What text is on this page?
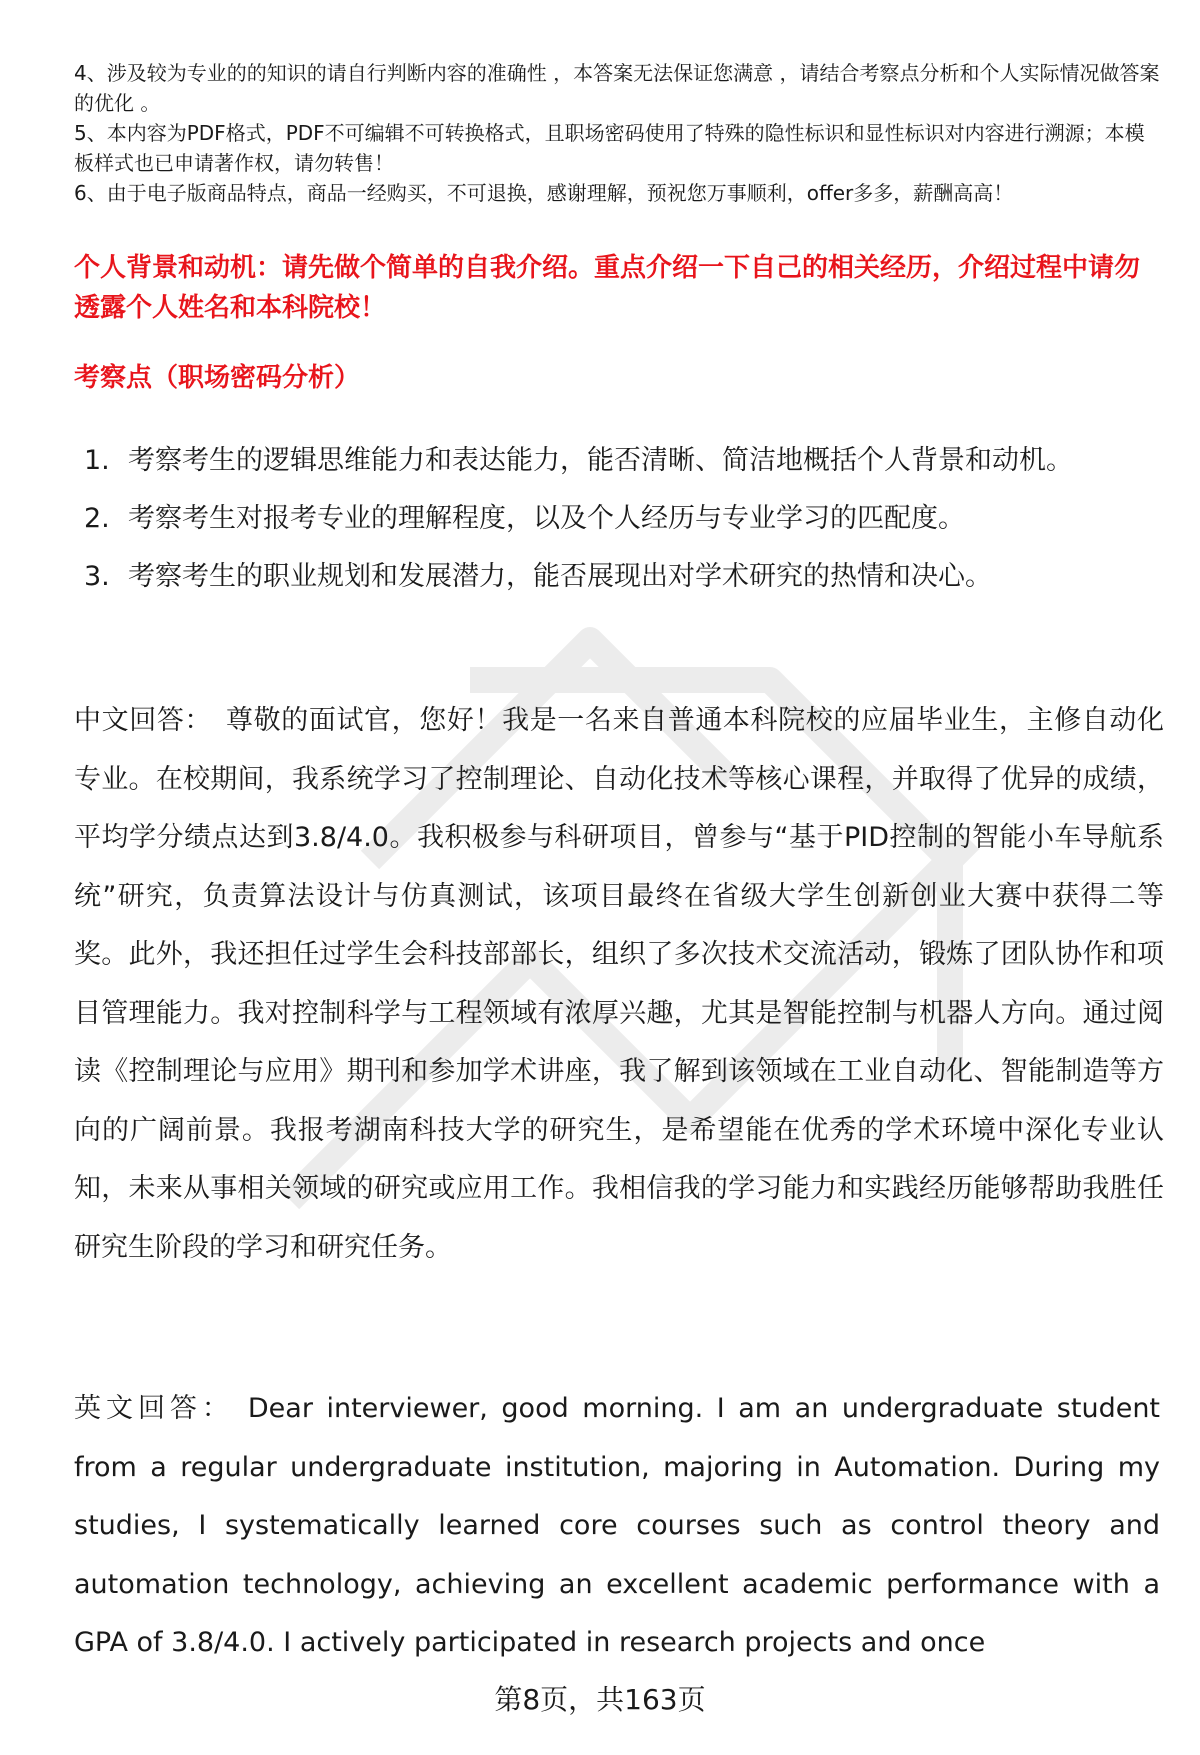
4、涉及较为专业的的知识的请自行判断内容的准确性 ，本答案无法保证您满意 ，请结合考察点分析和个人实际情况做答案的优化 。

5、本内容为PDF格式，PDF不可编辑不可转换格式，且职场密码使用了特殊的隐性标识和显性标识对内容进行溯源；本模板样式也已申请著作权，请勿转售！

6、由于电子版商品特点，商品一经购买，不可退换，感谢理解，预祝您万事顺利，offer多多，薪酬高高！

个人背景和动机：请先做个简单的自我介绍。重点介绍一下自己的相关经历，介绍过程中请勿透露个人姓名和本科院校！

考察点（职场密码分析）

1. 考察考生的逻辑思维能力和表达能力，能否清晰、简洁地概括个人背景和动机。
2. 考察考生对报考专业的理解程度，以及个人经历与专业学习的匹配度。
3. 考察考生的职业规划和发展潜力，能否展现出对学术研究的热情和决心。

中文回答： 尊敬的面试官，您好！我是一名来自普通本科院校的应届毕业生，主修自动化专业。在校期间，我系统学习了控制理论、自动化技术等核心课程，并取得了优异的成绩，平均学分绩点达到3.8/4.0。我积极参与科研项目，曾参与“基于PID控制的智能小车导航系统”研究，负责算法设计与仿真测试，该项目最终在省级大学生创新创业大赛中获得二等奖。此外，我还担任过学生会科技部部长，组织了多次技术交流活动，锻炼了团队协作和项目管理能力。我对控制科学与工程领域有浓厚兴趣，尤其是智能控制与机器人方向。通过阅读《控制理论与应用》期刊和参加学术讲座，我了解到该领域在工业自动化、智能制造等方向的广阔前景。我报考湖南科技大学的研究生，是希望能在优秀的学术环境中深化专业认知，未来从事相关领域的研究或应用工作。我相信我的学习能力和实践经历能够帮助我胜任研究生阶段的学习和研究任务。

英文回答： Dear interviewer, good morning. I am an undergraduate student from a regular undergraduate institution, majoring in Automation. During my studies, I systematically learned core courses such as control theory and automation technology, achieving an excellent academic performance with a GPA of 3.8/4.0. I actively participated in research projects and once

第8页，共163页
